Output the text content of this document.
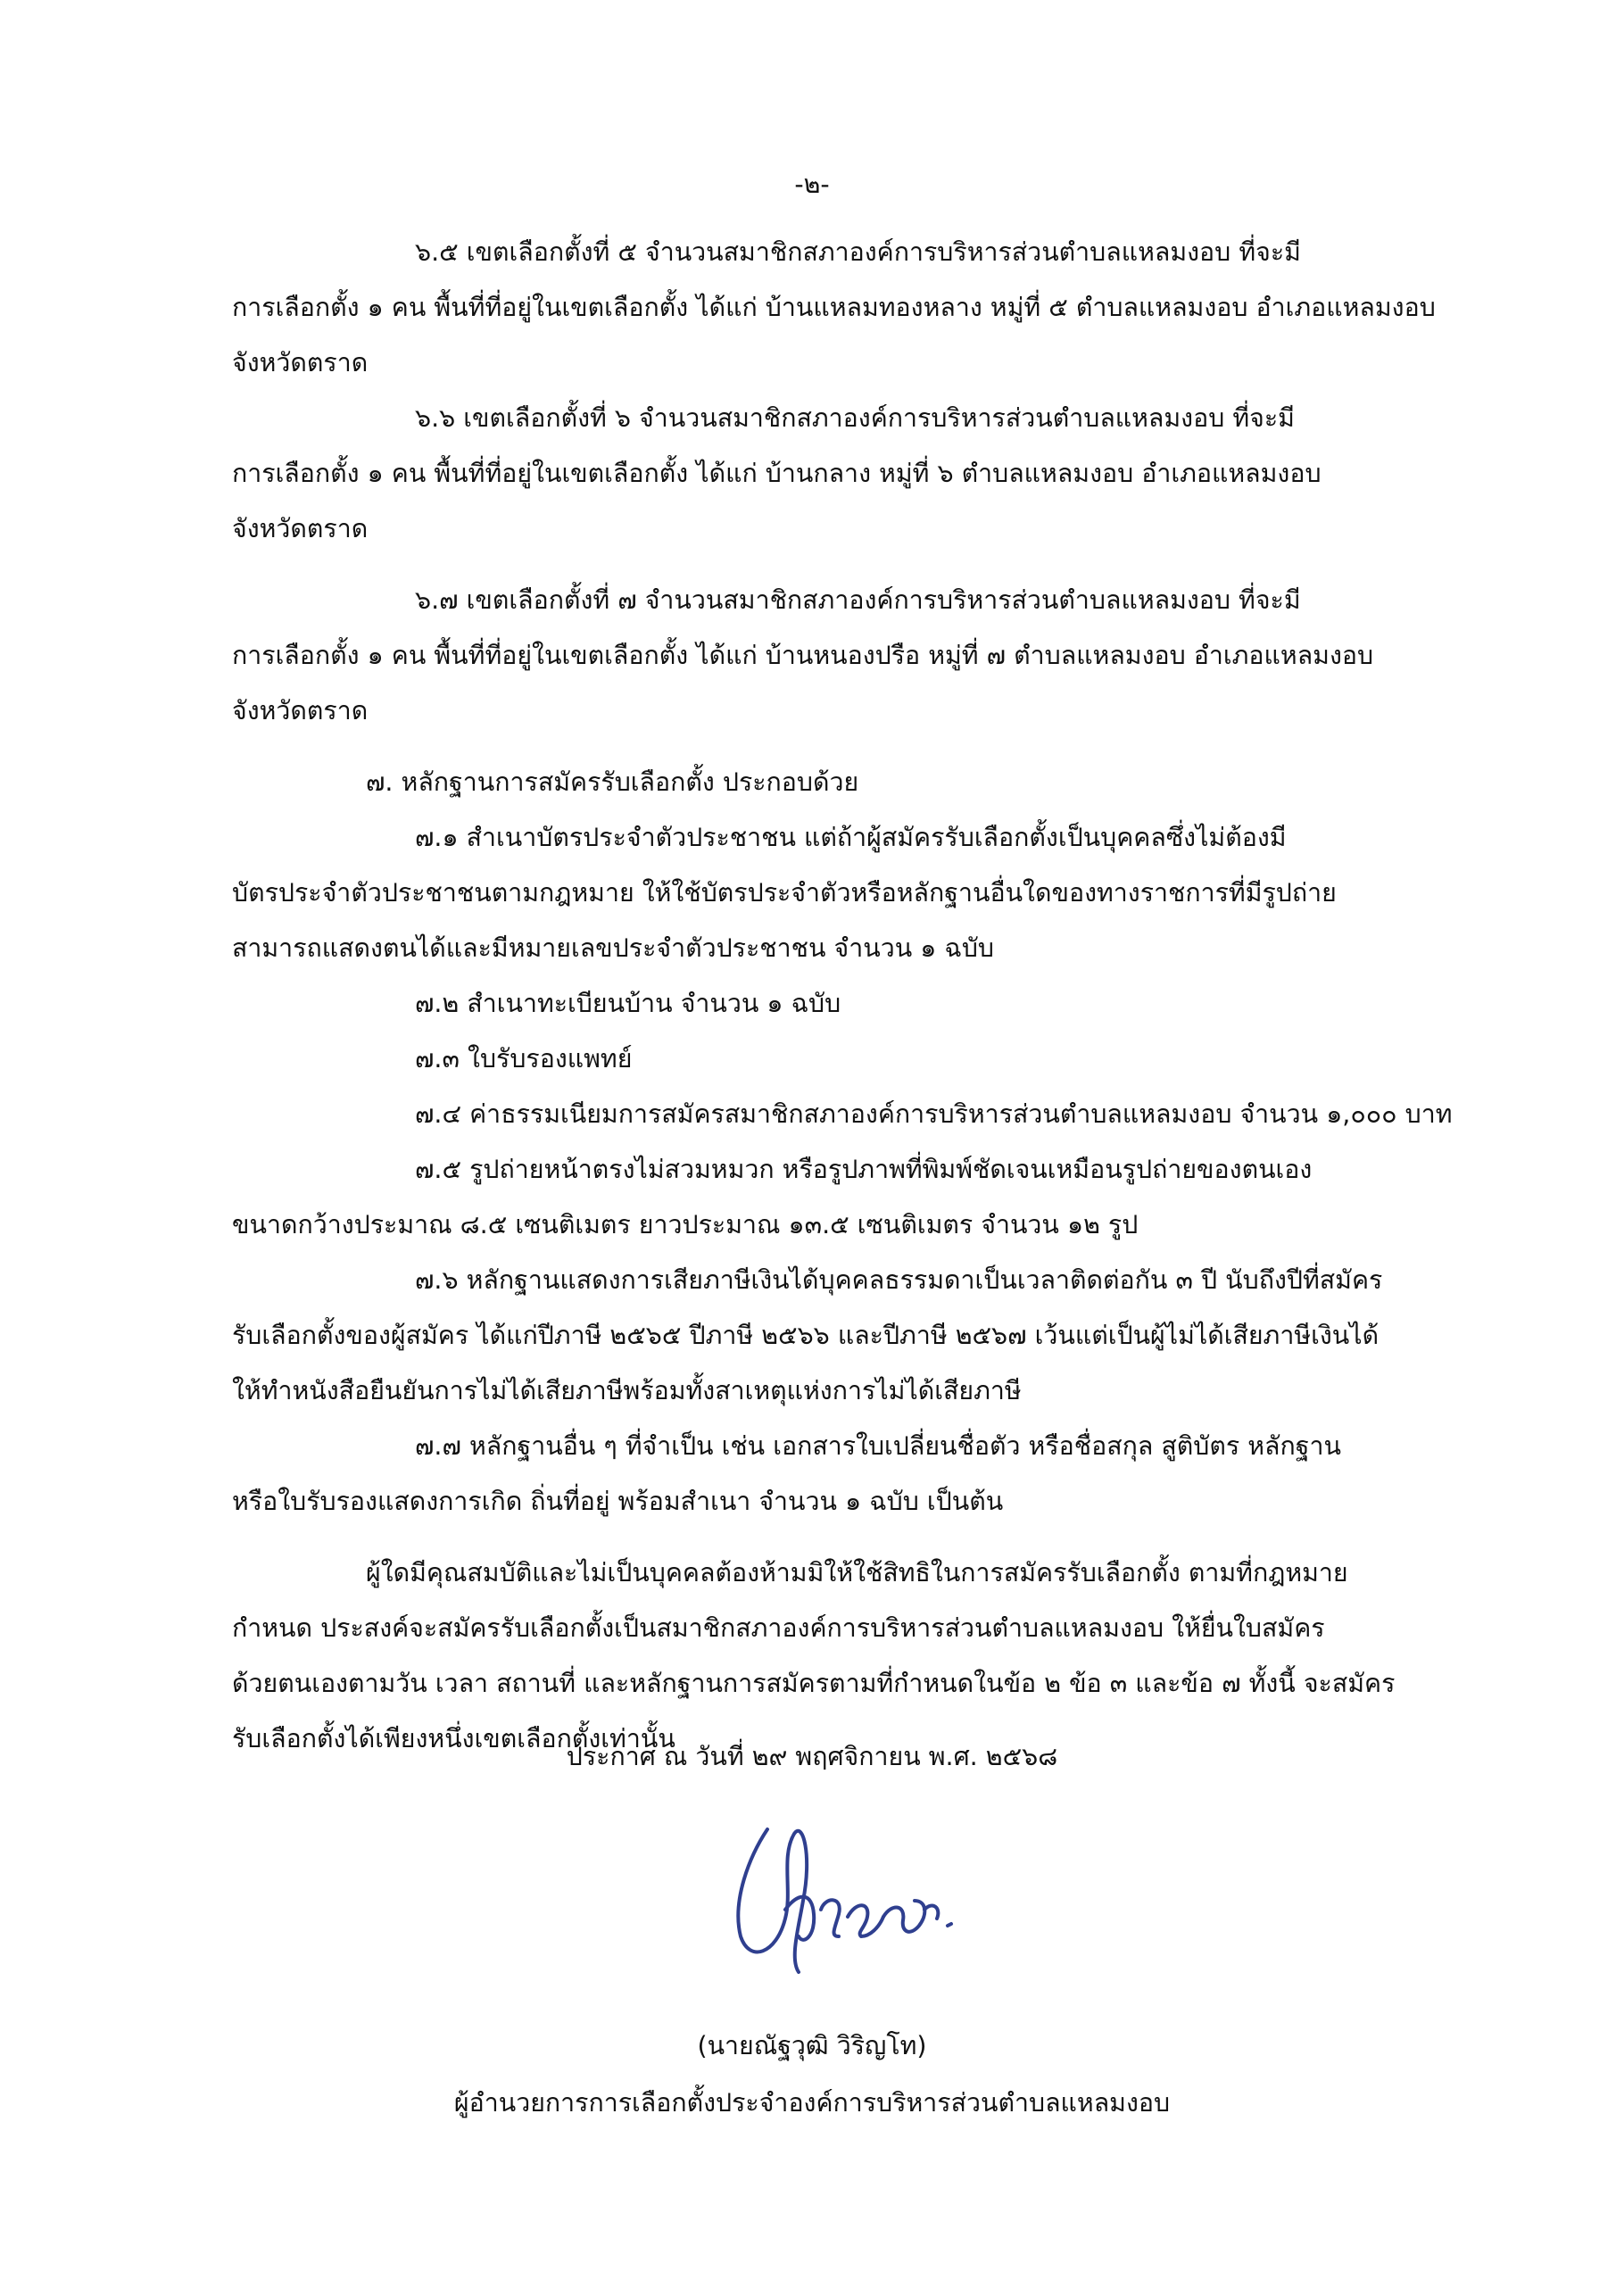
-๒-
๖.๕ เขตเลือกตั้งที่ ๕ จำนวนสมาชิกสภาองค์การบริหารส่วนตำบลแหลมงอบ ที่จะมี
การเลือกตั้ง ๑ คน พื้นที่ที่อยู่ในเขตเลือกตั้ง ได้แก่ บ้านแหลมทองหลาง หมู่ที่ ๕ ตำบลแหลมงอบ อำเภอแหลมงอบ
จังหวัดตราด
๖.๖ เขตเลือกตั้งที่ ๖ จำนวนสมาชิกสภาองค์การบริหารส่วนตำบลแหลมงอบ ที่จะมี
การเลือกตั้ง ๑ คน พื้นที่ที่อยู่ในเขตเลือกตั้ง ได้แก่ บ้านกลาง หมู่ที่ ๖ ตำบลแหลมงอบ อำเภอแหลมงอบ
จังหวัดตราด
๖.๗ เขตเลือกตั้งที่ ๗ จำนวนสมาชิกสภาองค์การบริหารส่วนตำบลแหลมงอบ ที่จะมี
การเลือกตั้ง ๑ คน พื้นที่ที่อยู่ในเขตเลือกตั้ง ได้แก่ บ้านหนองปรือ หมู่ที่ ๗ ตำบลแหลมงอบ อำเภอแหลมงอบ
จังหวัดตราด
๗. หลักฐานการสมัครรับเลือกตั้ง ประกอบด้วย
๗.๑ สำเนาบัตรประจำตัวประชาชน แต่ถ้าผู้สมัครรับเลือกตั้งเป็นบุคคลซึ่งไม่ต้องมี
บัตรประจำตัวประชาชนตามกฎหมาย ให้ใช้บัตรประจำตัวหรือหลักฐานอื่นใดของทางราชการที่มีรูปถ่าย
สามารถแสดงตนได้และมีหมายเลขประจำตัวประชาชน จำนวน ๑ ฉบับ
๗.๒ สำเนาทะเบียนบ้าน จำนวน ๑ ฉบับ
๗.๓ ใบรับรองแพทย์
๗.๔ ค่าธรรมเนียมการสมัครสมาชิกสภาองค์การบริหารส่วนตำบลแหลมงอบ จำนวน ๑,๐๐๐ บาท
๗.๕ รูปถ่ายหน้าตรงไม่สวมหมวก หรือรูปภาพที่พิมพ์ชัดเจนเหมือนรูปถ่ายของตนเอง
ขนาดกว้างประมาณ ๘.๕ เซนติเมตร ยาวประมาณ ๑๓.๕ เซนติเมตร จำนวน ๑๒ รูป
๗.๖ หลักฐานแสดงการเสียภาษีเงินได้บุคคลธรรมดาเป็นเวลาติดต่อกัน ๓ ปี นับถึงปีที่สมัคร
รับเลือกตั้งของผู้สมัคร ได้แก่ปีภาษี ๒๕๖๕ ปีภาษี ๒๕๖๖ และปีภาษี ๒๕๖๗ เว้นแต่เป็นผู้ไม่ได้เสียภาษีเงินได้
ให้ทำหนังสือยืนยันการไม่ได้เสียภาษีพร้อมทั้งสาเหตุแห่งการไม่ได้เสียภาษี
๗.๗ หลักฐานอื่น ๆ ที่จำเป็น เช่น เอกสารใบเปลี่ยนชื่อตัว หรือชื่อสกุล สูติบัตร หลักฐาน
หรือใบรับรองแสดงการเกิด ถิ่นที่อยู่ พร้อมสำเนา จำนวน ๑ ฉบับ เป็นต้น
ผู้ใดมีคุณสมบัติและไม่เป็นบุคคลต้องห้ามมิให้ใช้สิทธิในการสมัครรับเลือกตั้ง ตามที่กฎหมาย
กำหนด ประสงค์จะสมัครรับเลือกตั้งเป็นสมาชิกสภาองค์การบริหารส่วนตำบลแหลมงอบ ให้ยื่นใบสมัคร
ด้วยตนเองตามวัน เวลา สถานที่ และหลักฐานการสมัครตามที่กำหนดในข้อ ๒ ข้อ ๓ และข้อ ๗ ทั้งนี้ จะสมัคร
รับเลือกตั้งได้เพียงหนึ่งเขตเลือกตั้งเท่านั้น
ประกาศ ณ วันที่ ๒๙ พฤศจิกายน พ.ศ. ๒๕๖๘
(นายณัฐวุฒิ วิริญโท)
ผู้อำนวยการการเลือกตั้งประจำองค์การบริหารส่วนตำบลแหลมงอบ
